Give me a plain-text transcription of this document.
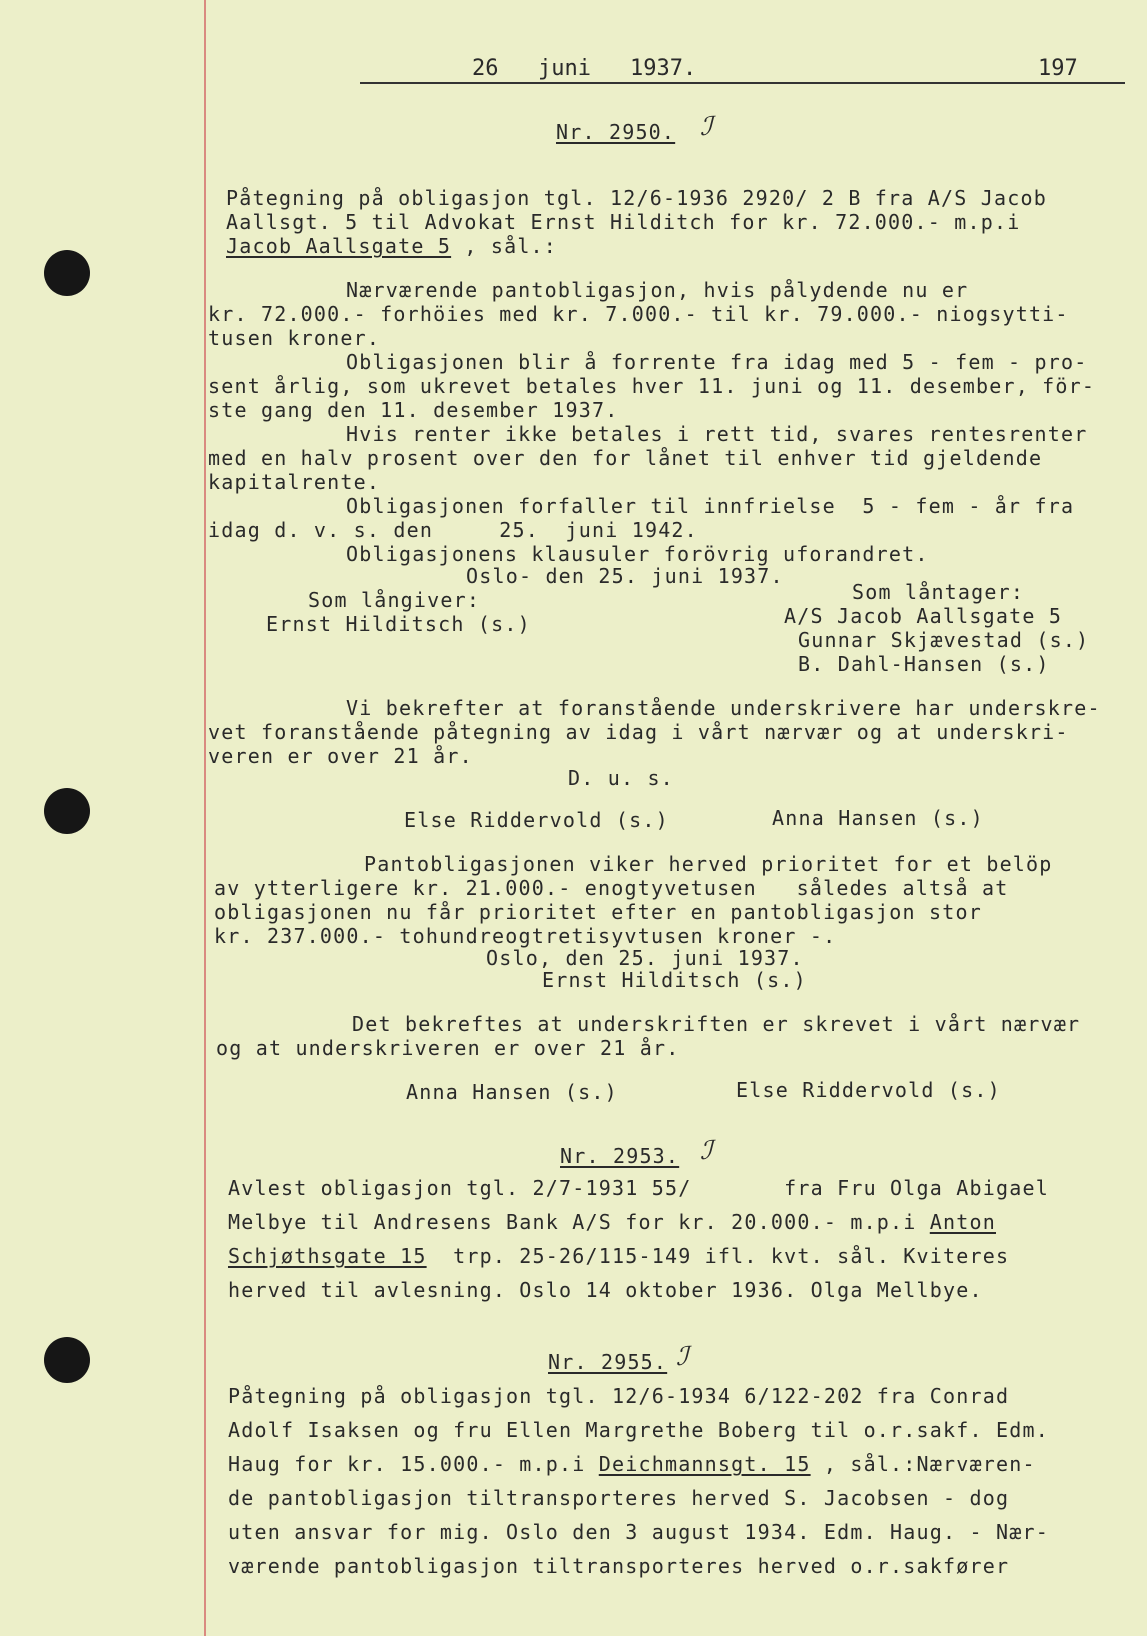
26 juni 1937.	197
Nr. 2950. ℐ
Påtegning på obligasjon tgl. 12/6-1936 2920/ 2 B fra A/S Jacob
Aallsgt. 5 til Advokat Ernst Hilditch for kr. 72.000.- m.p.i
Jacob Aallsgate 5 , sål.:
Nærværende pantobligasjon, hvis pålydende nu er
kr. 72.000.- forhöies med kr. 7.000.- til kr. 79.000.- niogsytti-
tusen kroner.
Obligasjonen blir å forrente fra idag med 5 - fem - pro-
sent årlig, som ukrevet betales hver 11. juni og 11. desember, för-
ste gang den 11. desember 1937.
Hvis renter ikke betales i rett tid, svares rentesrenter
med en halv prosent over den for lånet til enhver tid gjeldende
kapitalrente.
Obligasjonen forfaller til innfrielse  5 - fem - år fra
idag d. v. s. den     25.  juni 1942.
Obligasjonens klausuler forövrig uforandret.
Oslo- den 25. juni 1937.
Som långiver:
Ernst Hilditsch (s.)
Som låntager:
A/S Jacob Aallsgate 5
Gunnar Skjævestad (s.)
B. Dahl-Hansen (s.)
Vi bekrefter at foranstående underskrivere har underskre-
vet foranstående påtegning av idag i vårt nærvær og at underskri-
veren er over 21 år.
D. u. s.
Else Riddervold (s.)	Anna Hansen (s.)
Pantobligasjonen viker herved prioritet for et belöp
av ytterligere kr. 21.000.- enogtyvetusen   således altså at
obligasjonen nu får prioritet efter en pantobligasjon stor
kr. 237.000.- tohundreogtretisyvtusen kroner -.
Oslo, den 25. juni 1937.
Ernst Hilditsch (s.)
Det bekreftes at underskriften er skrevet i vårt nærvær
og at underskriveren er over 21 år.
Anna Hansen (s.)	Else Riddervold (s.)
Nr. 2953. ℐ
Avlest obligasjon tgl. 2/7-1931 55/       fra Fru Olga Abigael
Melbye til Andresens Bank A/S for kr. 20.000.- m.p.i Anton
Schjøthsgate 15  trp. 25-26/115-149 ifl. kvt. sål. Kviteres
herved til avlesning. Oslo 14 oktober 1936. Olga Mellbye.
Nr. 2955. ℐ
Påtegning på obligasjon tgl. 12/6-1934 6/122-202 fra Conrad
Adolf Isaksen og fru Ellen Margrethe Boberg til o.r.sakf. Edm.
Haug for kr. 15.000.- m.p.i Deichmannsgt. 15 , sål.:Nærværen-
de pantobligasjon tiltransporteres herved S. Jacobsen - dog
uten ansvar for mig. Oslo den 3 august 1934. Edm. Haug. - Nær-
værende pantobligasjon tiltransporteres herved o.r.sakfører
